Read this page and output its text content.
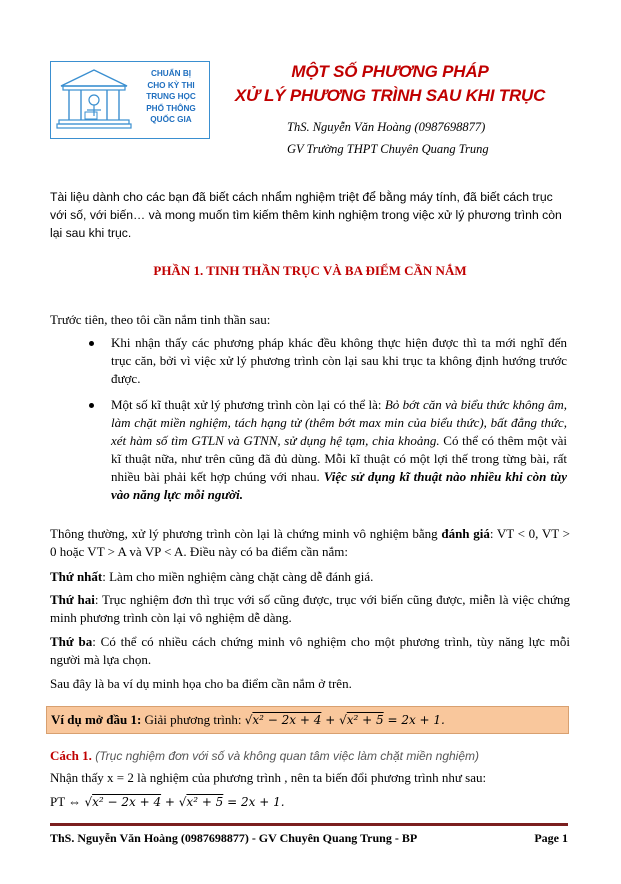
CHUẨN BỊ
CHO KỲ THI
TRUNG HỌC
PHỔ THÔNG
QUỐC GIA
MỘT SỐ PHƯƠNG PHÁP
XỬ LÝ PHƯƠNG TRÌNH SAU KHI TRỤC
ThS. Nguyễn Văn Hoàng (0987698877)
GV Trường THPT Chuyên Quang Trung
Tài liệu dành cho các bạn đã biết cách nhẩm nghiệm triệt để bằng máy tính, đã biết cách trục với số, với biến… và mong muốn tìm kiếm thêm kinh nghiệm trong việc xử lý phương trình còn lại sau khi trục.
PHẦN 1. TINH THẦN TRỤC VÀ BA ĐIỂM CẦN NẮM
Trước tiên, theo tôi cần nắm tinh thần sau:
Khi nhận thấy các phương pháp khác đều không thực hiện được thì ta mới nghĩ đến trục căn, bởi vì việc xử lý phương trình còn lại sau khi trục ta không định hướng trước được.
Một số kĩ thuật xử lý phương trình còn lại có thể là: Bỏ bớt căn và biểu thức không âm, làm chặt miền nghiệm, tách hạng tử (thêm bớt max min của biểu thức), bất đẳng thức, xét hàm số tìm GTLN và GTNN, sử dụng hệ tạm, chia khoảng. Có thể có thêm một vài kĩ thuật nữa, như trên cũng đã đủ dùng. Mỗi kĩ thuật có một lợi thế trong từng bài, rất nhiều bài phải kết hợp chúng với nhau. Việc sử dụng kĩ thuật nào nhiều khi còn tùy vào năng lực mỗi người.
Thông thường, xử lý phương trình còn lại là chứng minh vô nghiệm bằng đánh giá: VT < 0, VT > 0 hoặc VT > A và VP < A. Điều này có ba điểm cần nắm:
Thứ nhất: Làm cho miền nghiệm càng chặt càng dễ đánh giá.
Thứ hai: Trục nghiệm đơn thì trục với số cũng được, trục với biến cũng được, miễn là việc chứng minh phương trình còn lại vô nghiệm dễ dàng.
Thứ ba: Có thể có nhiều cách chứng minh vô nghiệm cho một phương trình, tùy năng lực mỗi người mà lựa chọn.
Sau đây là ba ví dụ minh họa cho ba điểm cần nắm ở trên.
Ví dụ mở đầu 1: Giải phương trình: √x² − 2x + 4 + √x² + 5 = 2x + 1.
Cách 1. (Trục nghiệm đơn với số và không quan tâm việc làm chặt miền nghiệm)
Nhận thấy x = 2 là nghiệm của phương trình , nên ta biến đổi phương trình như sau:
PT ⇔ √x² − 2x + 4 + √x² + 5 = 2x + 1.
ThS. Nguyễn Văn Hoàng (0987698877) - GV Chuyên Quang Trung - BP	Page 1
